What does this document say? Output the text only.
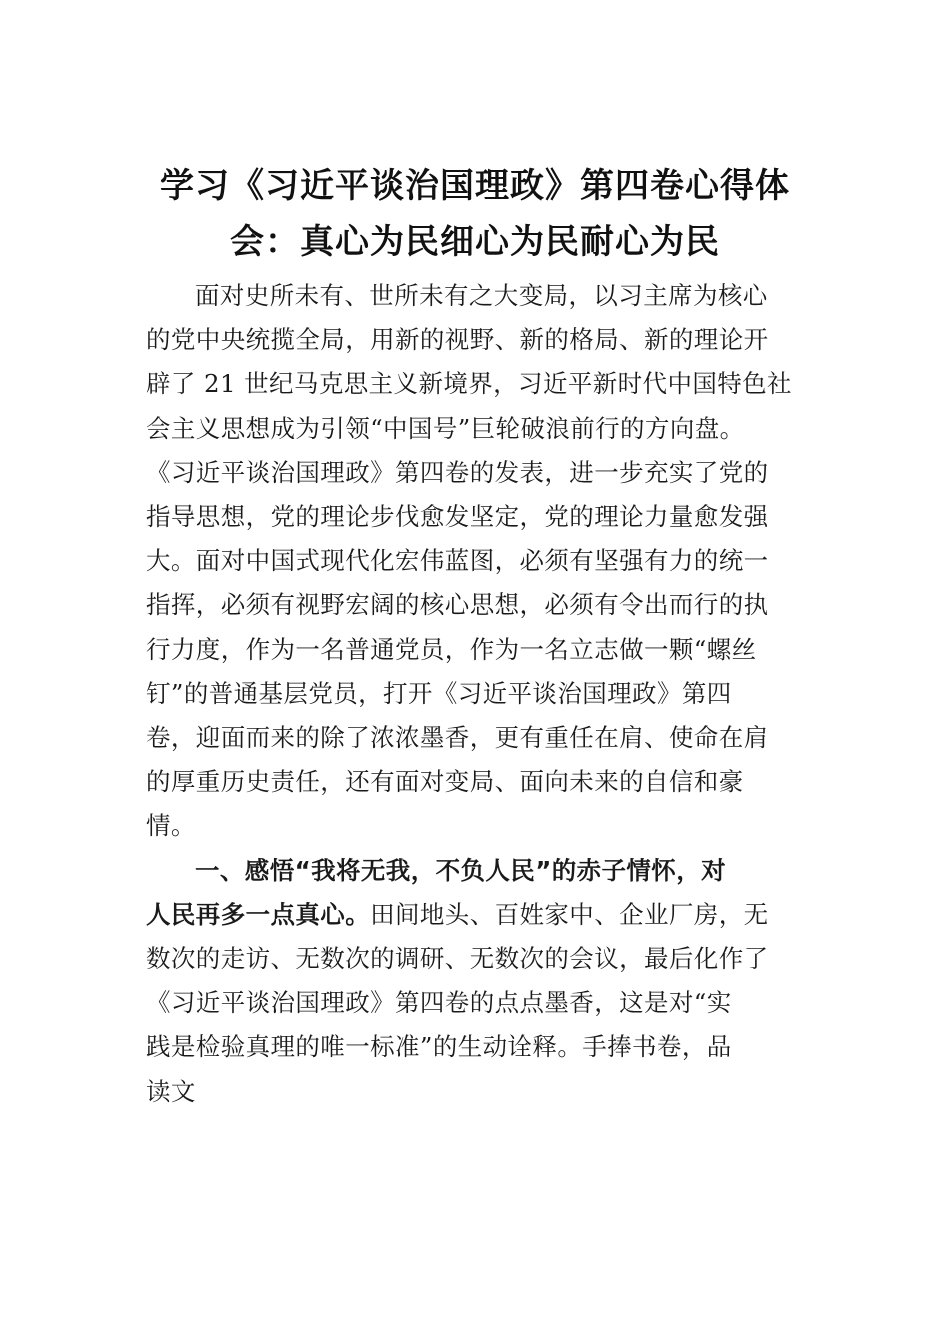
学习《习近平谈治国理政》第四卷心得体
会：真心为民细心为民耐心为民

面对史所未有、世所未有之大变局，以习主席为核心
的党中央统揽全局，用新的视野、新的格局、新的理论开
辟了 21 世纪马克思主义新境界，习近平新时代中国特色社
会主义思想成为引领“中国号”巨轮破浪前行的方向盘。
《习近平谈治国理政》第四卷的发表，进一步充实了党的
指导思想，党的理论步伐愈发坚定，党的理论力量愈发强
大。面对中国式现代化宏伟蓝图，必须有坚强有力的统一
指挥，必须有视野宏阔的核心思想，必须有令出而行的执
行力度，作为一名普通党员，作为一名立志做一颗“螺丝
钉”的普通基层党员，打开《习近平谈治国理政》第四
卷，迎面而来的除了浓浓墨香，更有重任在肩、使命在肩
的厚重历史责任，还有面对变局、面向未来的自信和豪
情。

一、感悟“我将无我，不负人民”的赤子情怀，对
人民再多一点真心。田间地头、百姓家中、企业厂房，无
数次的走访、无数次的调研、无数次的会议，最后化作了
《习近平谈治国理政》第四卷的点点墨香，这是对“实
践是检验真理的唯一标准”的生动诠释。手捧书卷，品
读文
